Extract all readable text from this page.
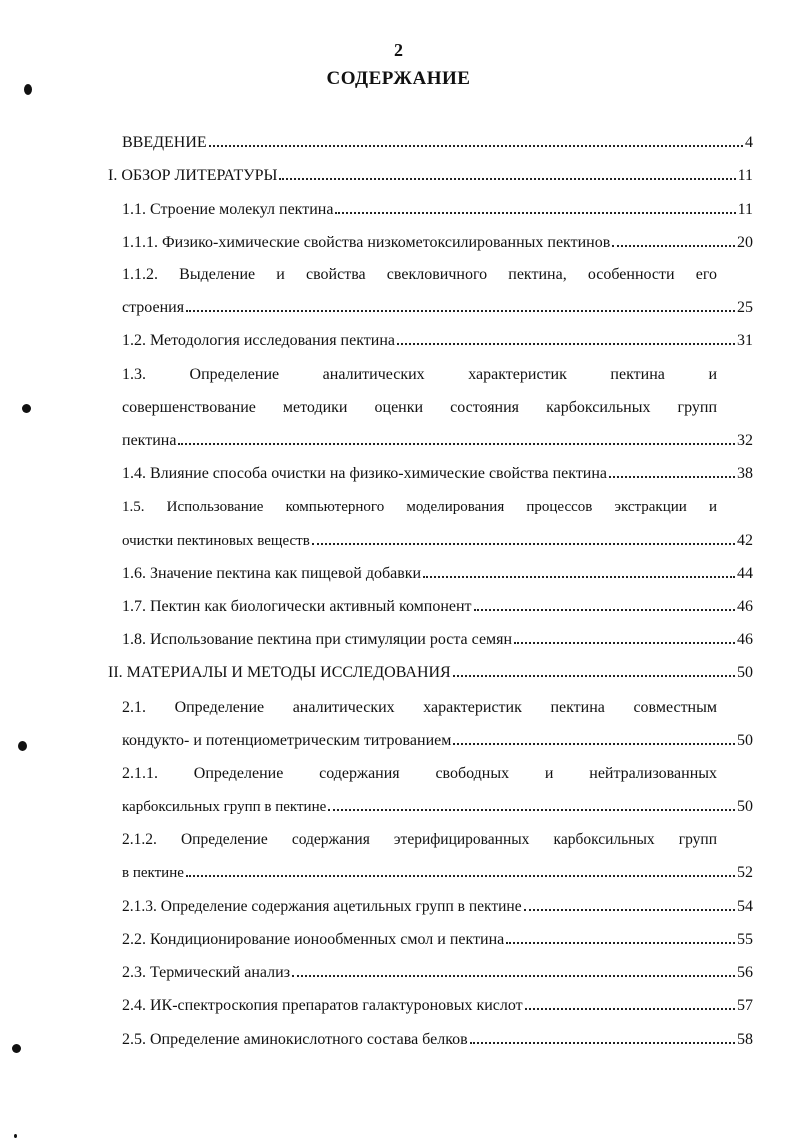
2
СОДЕРЖАНИЕ
ВВЕДЕНИЕ	4
I. ОБЗОР ЛИТЕРАТУРЫ	11
1.1. Строение молекул пектина	11
1.1.1. Физико-химические свойства низкометоксилированных пектинов	20
1.1.2. Выделение и свойства свекловичного пектина, особенности его
строения	25
1.2. Методология исследования пектина	31
1.3. Определение аналитических характеристик пектина и
совершенствование методики оценки состояния карбоксильных групп
пектина	32
1.4. Влияние способа очистки на физико-химические свойства пектина	38
1.5. Использование компьютерного моделирования процессов экстракции и
очистки пектиновых веществ	42
1.6. Значение пектина как пищевой добавки	44
1.7. Пектин как биологически активный компонент	46
1.8. Использование пектина при стимуляции роста семян	46
II. МАТЕРИАЛЫ И МЕТОДЫ ИССЛЕДОВАНИЯ	50
2.1. Определение аналитических характеристик пектина совместным
кондукто- и потенциометрическим титрованием	50
2.1.1. Определение содержания свободных и нейтрализованных
карбоксильных групп в пектине	50
2.1.2. Определение содержания этерифицированных карбоксильных групп
в пектине	52
2.1.3. Определение содержания ацетильных групп в пектине	54
2.2. Кондиционирование ионообменных смол и пектина	55
2.3. Термический анализ	56
2.4. ИК-спектроскопия препаратов галактуроновых кислот	57
2.5. Определение аминокислотного состава белков	58
